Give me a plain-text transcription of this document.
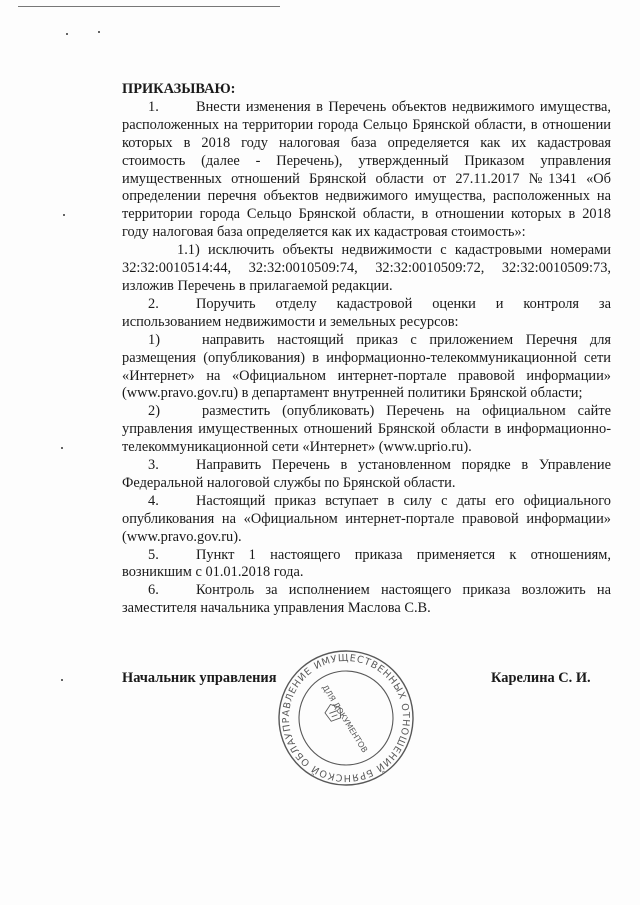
ПРИКАЗЫВАЮ:

1.	Внести изменения в Перечень объектов недвижимого имущества, расположенных на территории города Сельцо Брянской области, в отношении которых в 2018 году налоговая база определяется как их кадастровая стоимость (далее - Перечень), утвержденный Приказом управления имущественных отношений Брянской области от 27.11.2017 №1341 «Об определении перечня объектов недвижимого имущества, расположенных на территории города Сельцо Брянской области, в отношении которых в 2018 году налоговая база определяется как их кадастровая стоимость»:

1.1) исключить объекты недвижимости с кадастровыми номерами 32:32:0010514:44, 32:32:0010509:74, 32:32:0010509:72, 32:32:0010509:73, изложив Перечень в прилагаемой редакции.

2.	Поручить отделу кадастровой оценки и контроля за использованием недвижимости и земельных ресурсов:

1)	направить настоящий приказ с приложением Перечня для размещения (опубликования) в информационно-телекоммуникационной сети «Интернет» на «Официальном интернет-портале правовой информации» (www.pravo.gov.ru) в департамент внутренней политики Брянской области;

2)	разместить (опубликовать) Перечень на официальном сайте управления имущественных отношений Брянской области в информационно-телекоммуникационной сети «Интернет» (www.uprio.ru).

3.	Направить Перечень в установленном порядке в Управление Федеральной налоговой службы по Брянской области.

4.	Настоящий приказ вступает в силу с даты его официального опубликования на «Официальном интернет-портале правовой информации» (www.pravo.gov.ru).

5.	Пункт 1 настоящего приказа применяется к отношениям, возникшим с 01.01.2018 года.

6.	Контроль за исполнением настоящего приказа возложить на заместителя начальника управления Маслова С.В.

Начальник управления	Карелина С. И.
УПРАВЛЕНИЕ ИМУЩЕСТВЕННЫХ ОТНОШЕНИЙ БРЯНСКОЙ ОБЛАСТИ
ДЛЯ ДОКУМЕНТОВ
